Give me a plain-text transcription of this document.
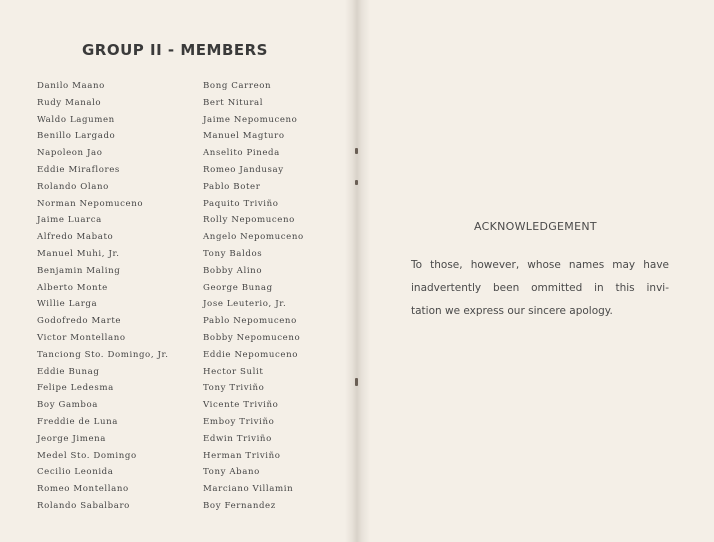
GROUP II - MEMBERS
Danilo Maano
Rudy Manalo
Waldo Lagumen
Benillo Largado
Napoleon Jao
Eddie Miraflores
Rolando Olano
Norman Nepomuceno
Jaime Luarca
Alfredo Mabato
Manuel Muhi, Jr.
Benjamin Maling
Alberto Monte
Willie Larga
Godofredo Marte
Victor Montellano
Tanciong Sto. Domingo, Jr.
Eddie Bunag
Felipe Ledesma
Boy Gamboa
Freddie de Luna
Jeorge Jimena
Medel Sto. Domingo
Cecilio Leonida
Romeo Montellano
Rolando Sabalbaro
Bong Carreon
Bert Nitural
Jaime Nepomuceno
Manuel Magturo
Anselito Pineda
Romeo Jandusay
Pablo Boter
Paquito Triviño
Rolly Nepomuceno
Angelo Nepomuceno
Tony Baldos
Bobby Alino
George Bunag
Jose Leuterio, Jr.
Pablo Nepomuceno
Bobby Nepomuceno
Eddie Nepomuceno
Hector Sulit
Tony Triviño
Vicente Triviño
Emboy Triviño
Edwin Triviño
Herman Triviño
Tony Abano
Marciano Villamin
Boy Fernandez
ACKNOWLEDGEMENT
To those, however, whose names may have
inadvertently been ommitted in this invi-
tation we express our sincere apology.
